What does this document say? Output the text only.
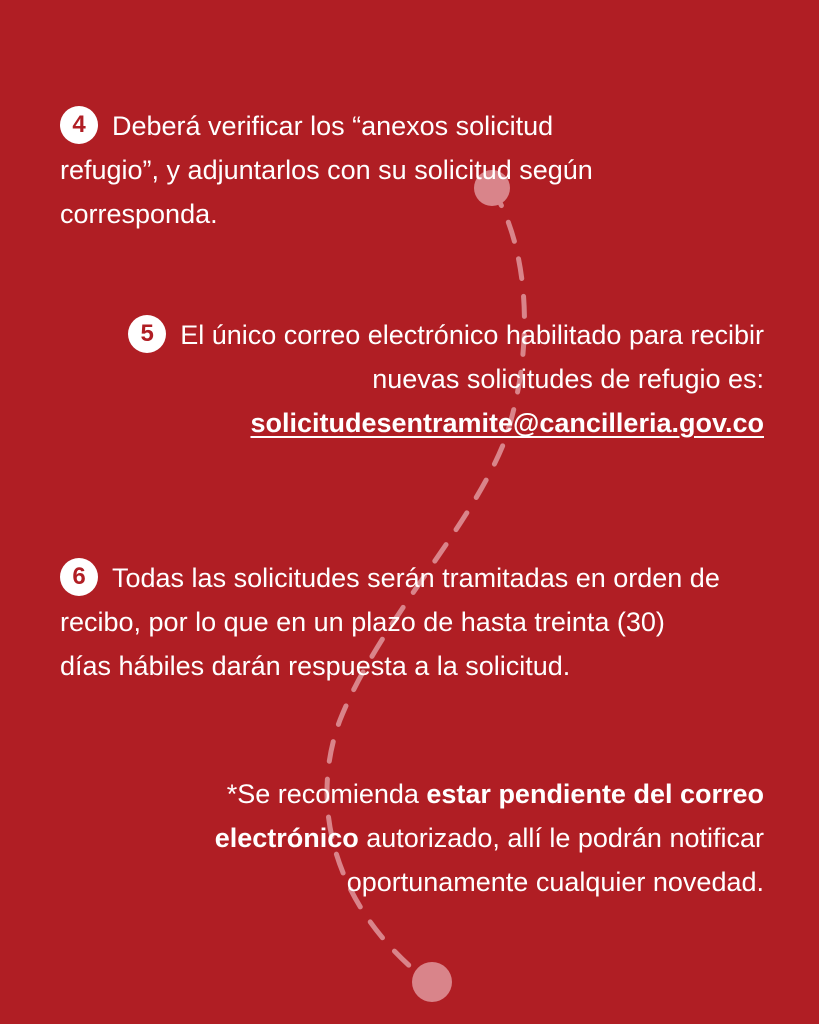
4 Deberá verificar los “anexos solicitud refugio”, y adjuntarlos con su solicitud según corresponda.
5 El único correo electrónico habilitado para recibir nuevas solicitudes de refugio es:
solicitudesentramite@cancilleria.gov.co
6 Todas las solicitudes serán tramitadas en orden de recibo, por lo que en un plazo de hasta treinta (30) días hábiles darán respuesta a la solicitud.
*Se recomienda estar pendiente del correo electrónico autorizado, allí le podrán notificar oportunamente cualquier novedad.
